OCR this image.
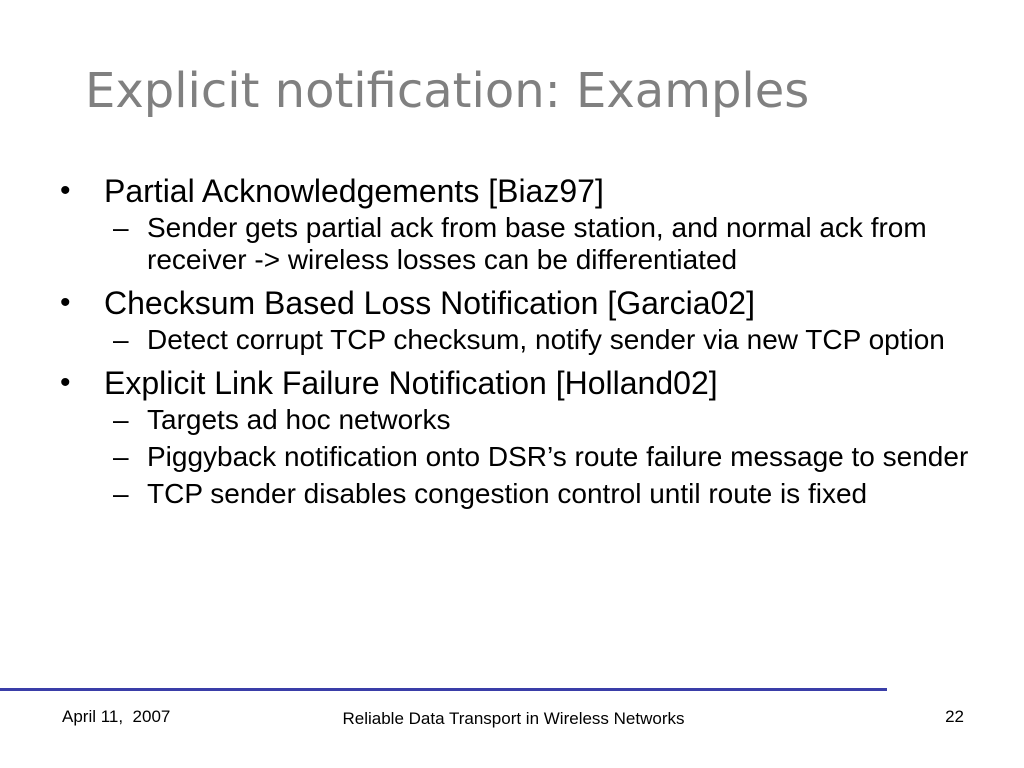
Explicit notification: Examples
• Partial Acknowledgements [Biaz97]
– Sender gets partial ack from base station, and normal ack from receiver -> wireless losses can be differentiated
• Checksum Based Loss Notification [Garcia02]
– Detect corrupt TCP checksum, notify sender via new TCP option
• Explicit Link Failure Notification [Holland02]
– Targets ad hoc networks
– Piggyback notification onto DSR’s route failure message to sender
– TCP sender disables congestion control until route is fixed
April 11,  2007	Reliable Data Transport in Wireless Networks	22
